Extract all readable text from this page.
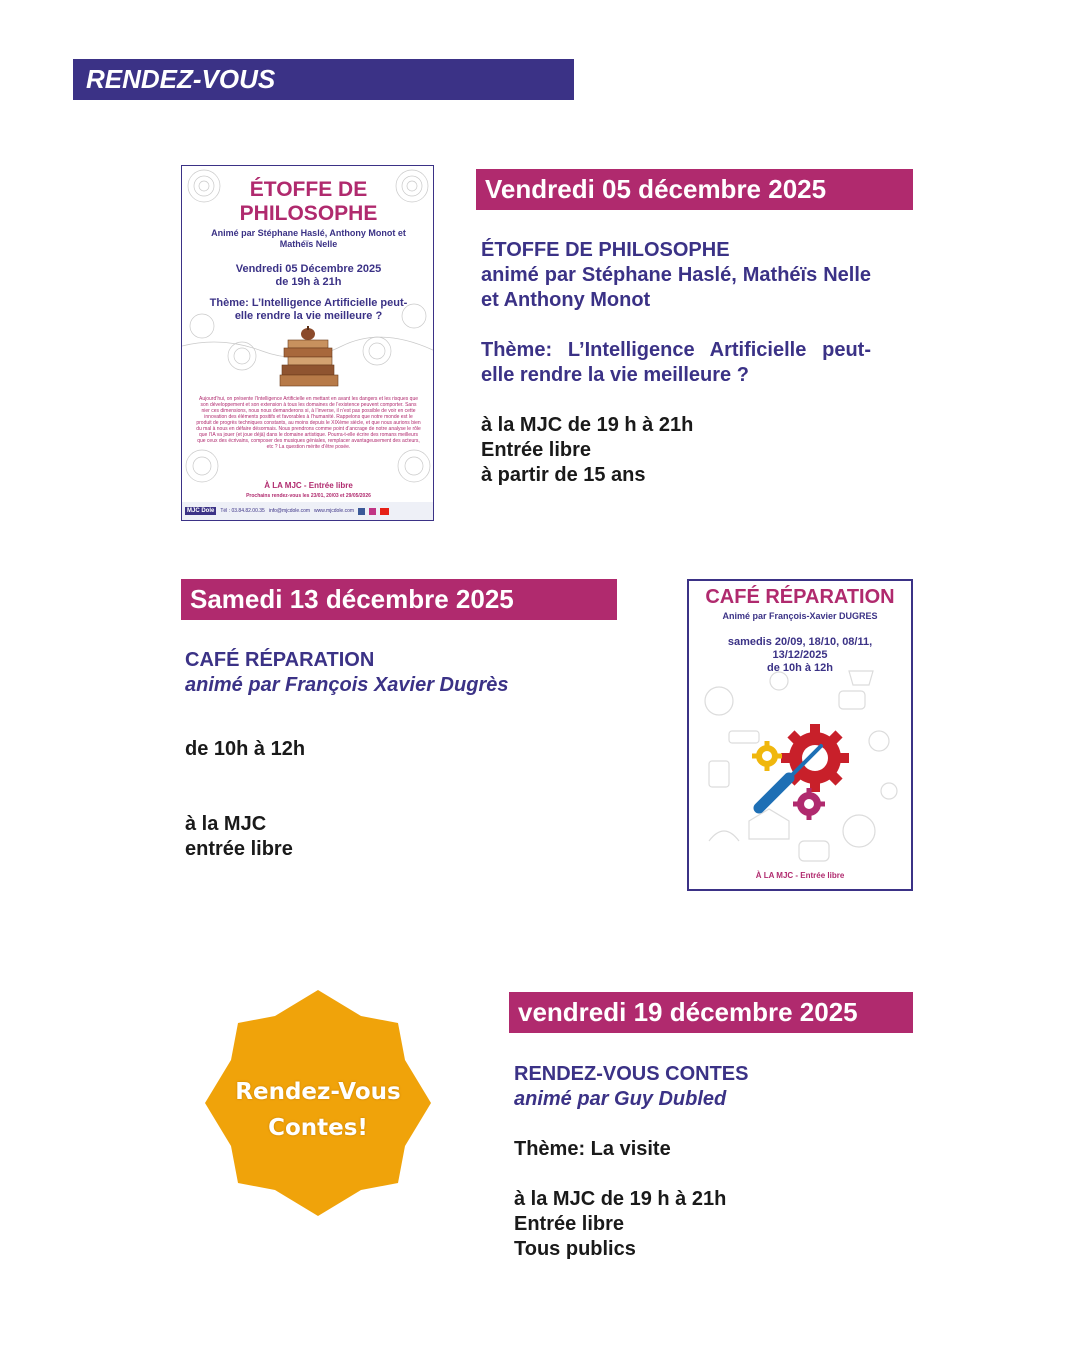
RENDEZ-VOUS
ÉTOFFE DE
PHILOSOPHE
Animé par Stéphane Haslé, Anthony Monot et Mathéïs Nelle
Vendredi 05 Décembre 2025
de 19h à 21h
Thème: L’Intelligence Artificielle peut-elle rendre la vie meilleure ?
Aujourd’hui, on présente l’Intelligence Artificielle en mettant en avant les dangers et les risques que son développement et son extension à tous les domaines de l’existence peuvent comporter. Sans nier ces dimensions, nous nous demanderons si, à l’inverse, il n’est pas possible de voir en cette innovation des éléments positifs et favorables à l’humanité. Rappelons que notre monde est le produit de progrès techniques constants, au moins depuis le XIXème siècle, et que nous aurions bien du mal à nous en défaire désormais. Nous prendrons comme point d’ancrage de notre analyse le rôle que l’IA va jouer (et joue déjà) dans le domaine artistique. Pourra-t-elle écrire des romans meilleurs que ceux des écrivains, composer des musiques géniales, remplacer avantageusement des acteurs, etc ? La question mérite d’être posée.
À LA MJC - Entrée libre
Prochains rendez-vous les 23/01, 20/03 et 29/05/2026
MJC Dole	Tél : 03.84.82.00.35 info@mjcdole.com www.mjcdole.com
Vendredi 05 décembre 2025

ÉTOFFE DE PHILOSOPHE

animé par Stéphane Haslé, Mathéïs Nelle et Anthony Monot

Thème: L’Intelligence Artificielle peut-elle rendre la vie meilleure ?

à la MJC de 19 h à 21h

Entrée libre

à partir de 15 ans

Samedi 13 décembre 2025

CAFÉ RÉPARATION

animé par François Xavier Dugrès

de 10h à 12h

à la MJC

entrée libre

CAFÉ RÉPARATION
Animé par François-Xavier DUGRES
samedis 20/09, 18/10, 08/11,
13/12/2025
de 10h à 12h
À LA MJC - Entrée libre
Rendez-Vous
Contes!
vendredi 19 décembre 2025

RENDEZ-VOUS CONTES

animé par Guy Dubled

Thème: La visite

à la MJC de 19 h à 21h

Entrée libre

Tous publics
